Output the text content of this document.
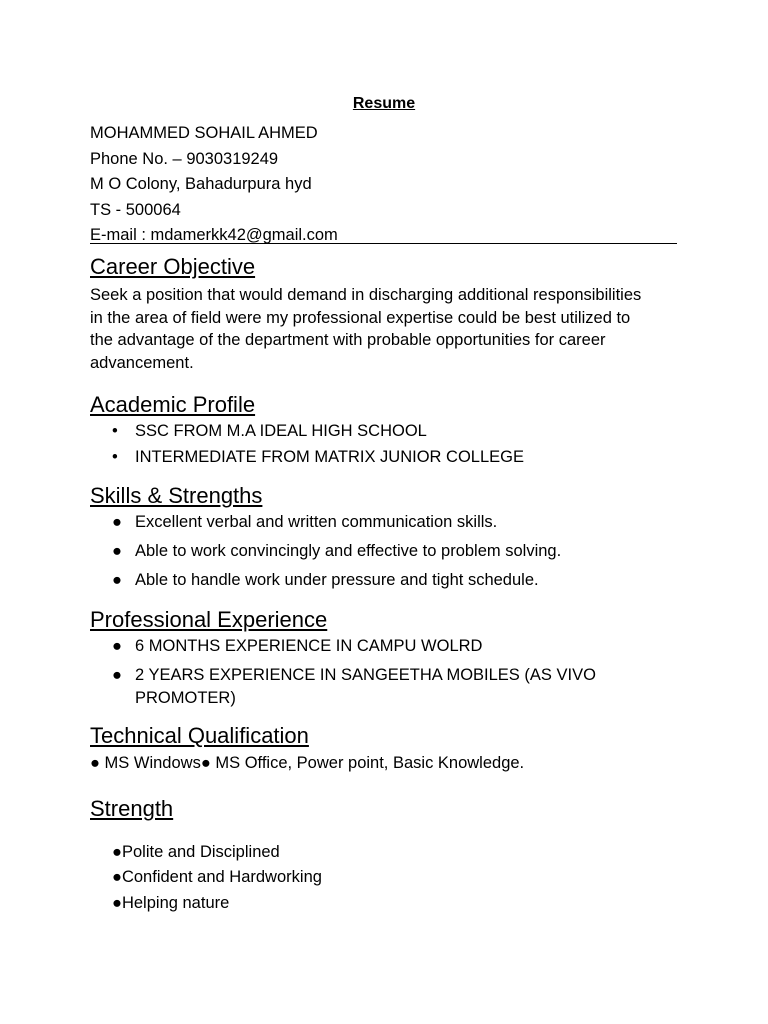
Resume
MOHAMMED SOHAIL AHMED
Phone No. – 9030319249
M O Colony, Bahadurpura hyd
TS - 500064
E-mail : mdamerkk42@gmail.com
Career Objective
Seek a position that would demand in discharging additional responsibilities
in the area of field were my professional expertise could be best utilized to
the advantage of the department with probable opportunities for career
advancement.
Academic Profile
• SSC FROM M.A IDEAL HIGH SCHOOL
• INTERMEDIATE FROM MATRIX JUNIOR COLLEGE
Skills & Strengths
● Excellent verbal and written communication skills.
● Able to work convincingly and effective to problem solving.
● Able to handle work under pressure and tight schedule.
Professional Experience
● 6 MONTHS EXPERIENCE IN CAMPU WOLRD
● 2 YEARS EXPERIENCE IN SANGEETHA MOBILES (AS VIVO
PROMOTER)
Technical Qualification
● MS Windows● MS Office, Power point, Basic Knowledge.
Strength
●Polite and Disciplined
●Confident and Hardworking
●Helping nature
